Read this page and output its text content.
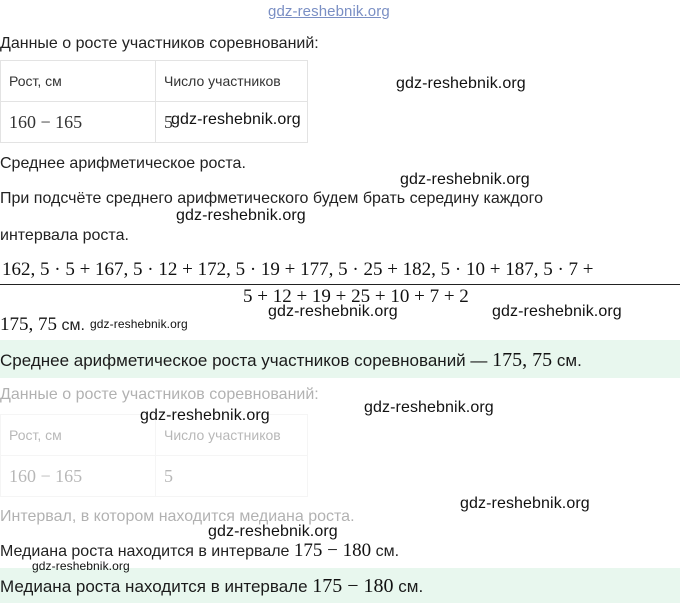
gdz-reshebnik.org
Данные о росте участников соревнований:
Рост, см	Число участников
160 − 165	5
Среднее арифметическое роста.
При подсчёте среднего арифметического будем брать середину каждого
интервала роста.
162, 5 · 5 + 167, 5 · 12 + 172, 5 · 19 + 177, 5 · 25 + 182, 5 · 10 + 187, 5 · 7 +
5 + 12 + 19 + 25 + 10 + 7 + 2
175, 75 см.
Среднее арифметическое роста участников соревнований — 175, 75 см.
Данные о росте участников соревнований:
Рост, см	Число участников
160 − 165	5
Интервал, в котором находится медиана роста.
Медиана роста находится в интервале 175 − 180 см.
Медиана роста находится в интервале 175 − 180 см.
gdz-reshebnik.org
gdz-reshebnik.org
gdz-reshebnik.org
gdz-reshebnik.org
gdz-reshebnik.org	gdz-reshebnik.org
gdz-reshebnik.org
gdz-reshebnik.org	gdz-reshebnik.org
gdz-reshebnik.org
gdz-reshebnik.org
gdz-reshebnik.org
